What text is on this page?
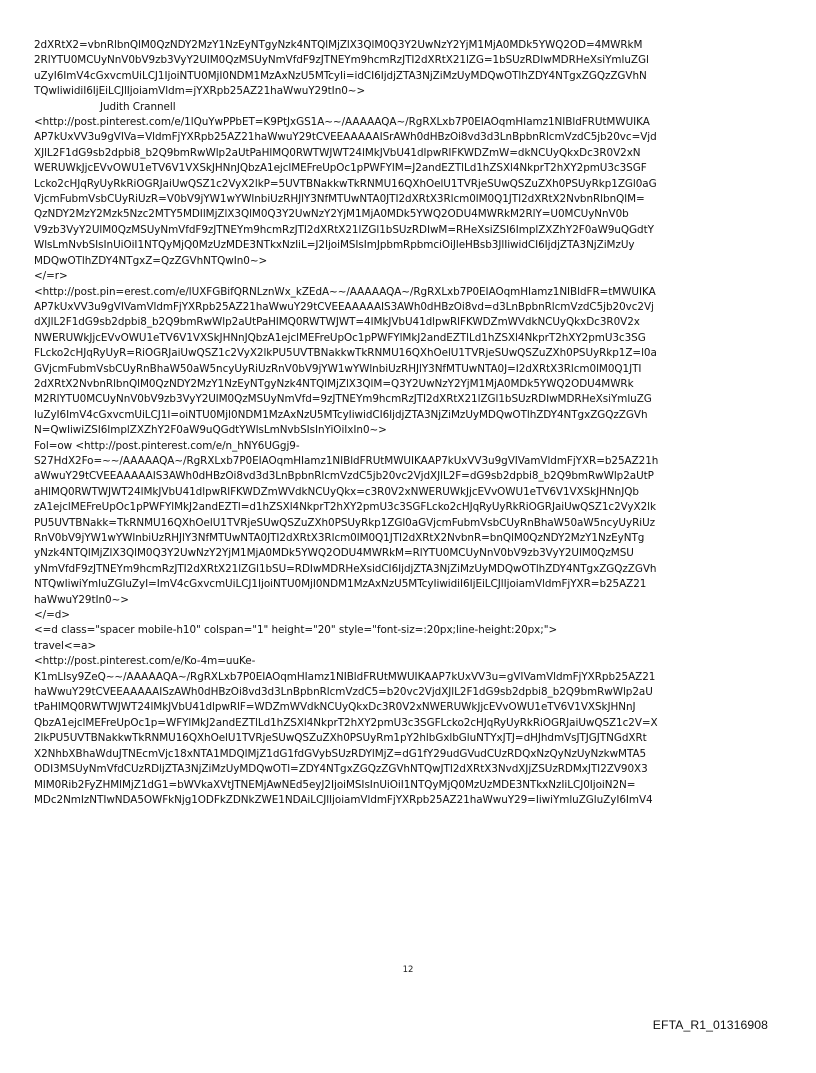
2dXRtX2=vbnRlbnQlM0QzNDY2MzY1NzEyNTgyNzk4NTQlMjZlX3QlM0Q3Y2UwNzY2YjM1MjA0MDk5YWQ2OD=4MWRkM
2RlYTU0MCUyNnV0bV9zb3VyY2UlM0QzMSUyNmVfdF9zJTNEYm9hcmRzJTI2dXRtX21lZG=1bSUzRDIwMDRHeXsiYmluZGl
uZyI6ImV4cGxvcmUiLCJ1IjoiNTU0MjI0NDM1MzAxNzU5MTcyIi=idCI6IjdjZTA3NjZiMzUyMDQwOTlhZDY4NTgxZGQzZGVhN
TQwliwidiI6IjEiLCJlIjoiamVldm=jYXRpb25AZ21haWwuY29tIn0~>
Judith Crannell
<http://post.pinterest.com/e/1lQuYwPPbET=K9PtJxGS1A~~/AAAAAQA~/RgRXLxb7P0EIAOqmHIamz1NIBldFRUtMWUIKA
AP7kUxVV3u9gVIVa=VldmFjYXRpb25AZ21haWwuY29tCVEEAAAAAISrAWh0dHBzOi8vd3d3LnBpbnRlcmVzdC5jb20vc=Vjd
XJlL2F1dG9sb2dpbi8_b2Q9bmRwWlp2aUtPaHlMQ0RWTWJWT24lMkJVbU41dlpwRlFKWDZmW=dkNCUyQkxDc3R0V2xN
WERUWkJjcEVvOWU1eTV6V1VXSkJHNnJQbzA1ejclMEFreUpOc1pPWFYlM=J2andEZTlLd1hZSXl4NkprT2hXY2pmU3c3SGF
Lcko2cHJqRyUyRkRiOGRJaiUwQSZ1c2VyX2lkP=5UVTBNakkwTkRNMU16QXhOelU1TVRjeSUwQSZuZXh0PSUyRkp1ZGl0aG
VjcmFubmVsbCUyRiUzR=V0bV9jYW1wYWlnbiUzRHJlY3NfMTUwNTA0JTI2dXRtX3Rlcm0lM0Q1JTI2dXRtX2NvbnRlbnQlM=
QzNDY2MzY2Mzk5Nzc2MTY5MDIlMjZlX3QlM0Q3Y2UwNzY2YjM1MjA0MDk5YWQ2ODU4MWRkM2RlY=U0MCUyNnV0b
V9zb3VyY2UlM0QzMSUyNmVfdF9zJTNEYm9hcmRzJTI2dXRtX21lZGl1bSUzRDIwM=RHeXsiZSI6ImplZXZhY2F0aW9uQGdtY
WlsLmNvbSIsInUiOiI1NTQyMjQ0MzUzMDE3NTkxNzIiL=J2IjoiMSIsImJpbmRpbmciOiJleHBsb3JlIiwidCI6IjdjZTA3NjZiMzUy
MDQwOTlhZDY4NTgxZ=QzZGVhNTQwIn0~>
</=r>
<http://post.pin=erest.com/e/lUXFGBifQRNLznWx_kZEdA~~/AAAAAQA~/RgRXLxb7P0EIAOqmHIamz1NIBldFR=tMWUIKA
AP7kUxVV3u9gVIVamVldmFjYXRpb25AZ21haWwuY29tCVEEAAAAAIS3AWh0dHBzOi8vd=d3LnBpbnRlcmVzdC5jb20vc2Vj
dXJlL2F1dG9sb2dpbi8_b2Q9bmRwWlp2aUtPaHlMQ0RWTWJWT=4lMkJVbU41dlpwRlFKWDZmWVdkNCUyQkxDc3R0V2x
NWERUWkJjcEVvOWU1eTV6V1VXSkJHNnJQbzA1ejclMEFreUpOc1pPWFYlMkJ2andEZTlLd1hZSXl4NkprT2hXY2pmU3c3SG
FLcko2cHJqRyUyR=RiOGRJaiUwQSZ1c2VyX2lkPU5UVTBNakkwTkRNMU16QXhOelU1TVRjeSUwQSZuZXh0PSUyRkp1Z=l0a
GVjcmFubmVsbCUyRnBhaW50aW5ncyUyRiUzRnV0bV9jYW1wYWlnbiUzRHJlY3NfMTUwNTA0J=I2dXRtX3Rlcm0lM0Q1JTI
2dXRtX2NvbnRlbnQlM0QzNDY2MzY1NzEyNTgyNzk4NTQlMjZlX3QlM=Q3Y2UwNzY2YjM1MjA0MDk5YWQ2ODU4MWRk
M2RlYTU0MCUyNnV0bV9zb3VyY2UlM0QzMSUyNmVfd=9zJTNEYm9hcmRzJTI2dXRtX21lZGl1bSUzRDIwMDRHeXsiYmluZG
luZyI6ImV4cGxvcmUiLCJ1I=oiNTU0MjI0NDM1MzAxNzU5MTcyIiwidCI6IjdjZTA3NjZiMzUyMDQwOTlhZDY4NTgxZGQzZGVh
N=QwIiwiZSI6ImplZXZhY2F0aW9uQGdtYWlsLmNvbSIsInYiOiIxIn0~>
Fol=ow <http://post.pinterest.com/e/n_hNY6UGgj9-
S27HdX2Fo=~~/AAAAAQA~/RgRXLxb7P0EIAOqmHIamz1NIBldFRUtMWUIKAAP7kUxVV3u9gVIVamVldmFjYXR=b25AZ21h
aWwuY29tCVEEAAAAAIS3AWh0dHBzOi8vd3d3LnBpbnRlcmVzdC5jb20vc2VjdXJlL2F=dG9sb2dpbi8_b2Q9bmRwWlp2aUtP
aHlMQ0RWTWJWT24lMkJVbU41dlpwRlFKWDZmWVdkNCUyQkx=c3R0V2xNWERUWkJjcEVvOWU1eTV6V1VXSkJHNnJQb
zA1ejclMEFreUpOc1pPWFYlMkJ2andEZTl=d1hZSXl4NkprT2hXY2pmU3c3SGFLcko2cHJqRyUyRkRiOGRJaiUwQSZ1c2VyX2lk
PU5UVTBNakk=TkRNMU16QXhOelU1TVRjeSUwQSZuZXh0PSUyRkp1ZGl0aGVjcmFubmVsbCUyRnBhaW50aW5ncyUyRiUz
RnV0bV9jYW1wYWlnbiUzRHJlY3NfMTUwNTA0JTI2dXRtX3Rlcm0lM0Q1JTI2dXRtX2NvbnR=bnQlM0QzNDY2MzY1NzEyNTg
yNzk4NTQlMjZlX3QlM0Q3Y2UwNzY2YjM1MjA0MDk5YWQ2ODU4MWRkM=RlYTU0MCUyNnV0bV9zb3VyY2UlM0QzMSU
yNmVfdF9zJTNEYm9hcmRzJTI2dXRtX21lZGl1bSU=RDIwMDRHeXsidCI6IjdjZTA3NjZiMzUyMDQwOTlhZDY4NTgxZGQzZGVh
NTQwIiwiYmluZGluZyI=ImV4cGxvcmUiLCJ1IjoiNTU0MjI0NDM1MzAxNzU5MTcyIiwidiI6IjEiLCJlIjoiamVldmFjYXR=b25AZ21
haWwuY29tIn0~>
</=d>
<=d class="spacer mobile-h10" colspan="1" height="20" style="font-siz=:20px;line-height:20px;">
travel<=a>
<http://post.pinterest.com/e/Ko-4m=uuKe-
K1mLIsy9ZeQ~~/AAAAAQA~/RgRXLxb7P0EIAOqmHIamz1NIBldFRUtMWUIKAAP7kUxVV3u=gVIVamVldmFjYXRpb25AZ21
haWwuY29tCVEEAAAAAISzAWh0dHBzOi8vd3d3LnBpbnRlcmVzdC5=b20vc2VjdXJlL2F1dG9sb2dpbi8_b2Q9bmRwWlp2aU
tPaHlMQ0RWTWJWT24lMkJVbU41dlpwRlF=WDZmWVdkNCUyQkxDc3R0V2xNWERUWkJjcEVvOWU1eTV6V1VXSkJHNnJ
QbzA1ejclMEFreUpOc1p=WFYlMkJ2andEZTlLd1hZSXl4NkprT2hXY2pmU3c3SGFLcko2cHJqRyUyRkRiOGRJaiUwQSZ1c2V=X
2lkPU5UVTBNakkwTkRNMU16QXhOelU1TVRjeSUwQSZuZXh0PSUyRm1pY2hlbGxlbGluNTYxJTJ=dHJhdmVsJTJGJTNGdXRt
X2NhbXBhaWduJTNEcmVjc18xNTA1MDQlMjZ1dG1fdGVybSUzRDYlMjZ=dG1fY29udGVudCUzRDQxNzQyNzUyNzkwMTA5
ODI3MSUyNmVfdCUzRDljZTA3NjZiMzUyMDQwOTl=ZDY4NTgxZGQzZGVhNTQwJTI2dXRtX3NvdXJjZSUzRDMxJTI2ZV90X3
MlM0Rib2FyZHMlMjZ1dG1=bWVkaXVtJTNEMjAwNEd5eyJ2IjoiMSIsInUiOiI1NTQyMjQ0MzUzMDE3NTkxNzIiLCJ0IjoiN2N=
MDc2NmIzNTIwNDA5OWFkNjg1ODFkZDNkZWE1NDAiLCJlIjoiamVldmFjYXRpb25AZ21haWwuY29=IiwiYmluZGluZyI6ImV4
12
EFTA_R1_01316908
